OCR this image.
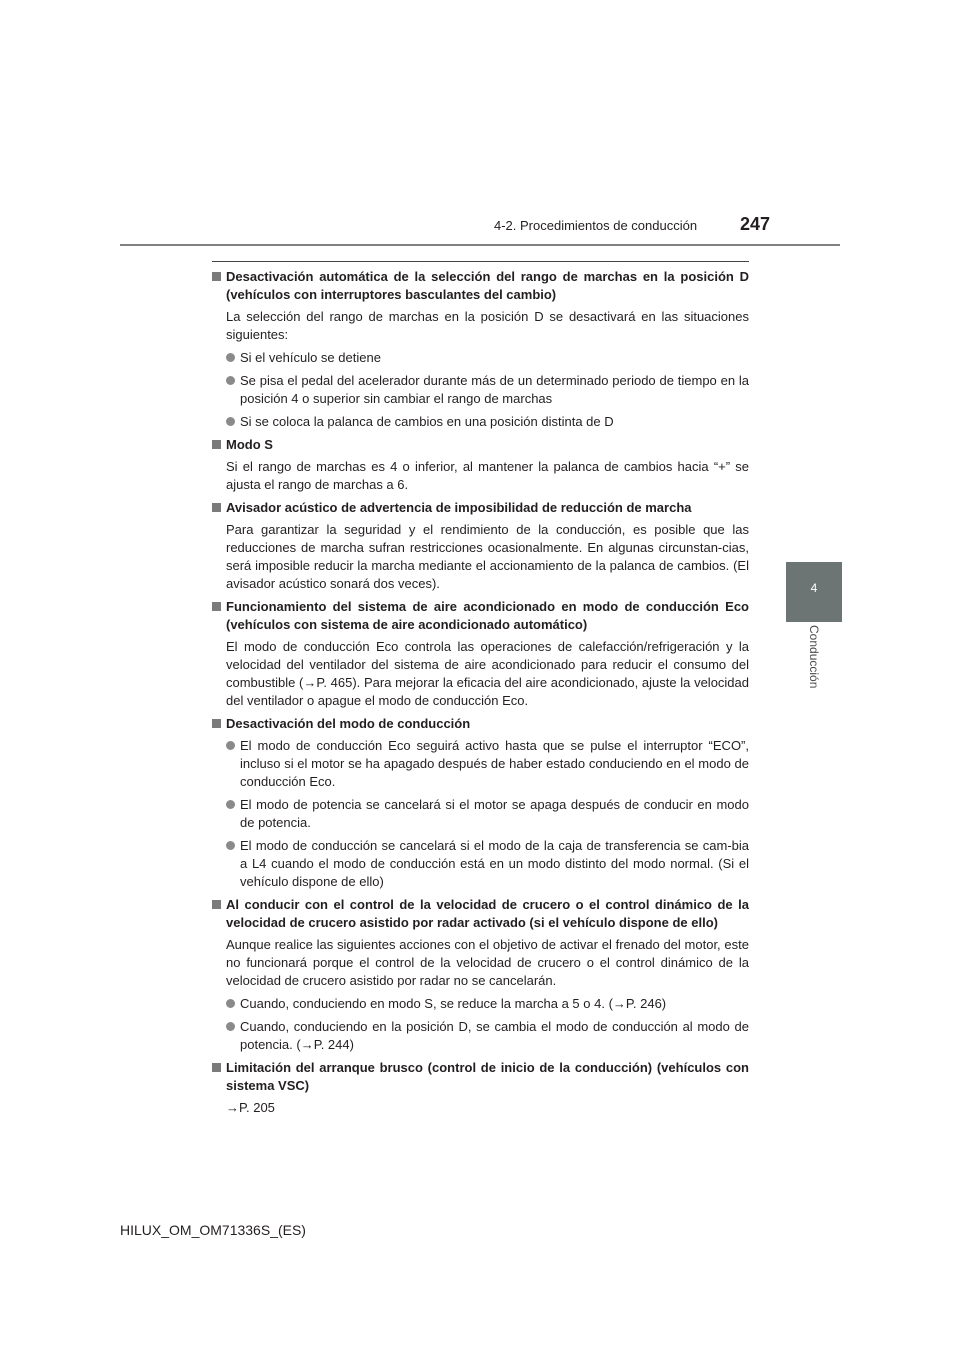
4-2. Procedimientos de conducción 247
4
Conducción
Desactivación automática de la selección del rango de marchas en la posición D (vehículos con interruptores basculantes del cambio)
La selección del rango de marchas en la posición D se desactivará en las situaciones siguientes:
Si el vehículo se detiene
Se pisa el pedal del acelerador durante más de un determinado periodo de tiempo en la posición 4 o superior sin cambiar el rango de marchas
Si se coloca la palanca de cambios en una posición distinta de D
Modo S
Si el rango de marchas es 4 o inferior, al mantener la palanca de cambios hacia “+” se ajusta el rango de marchas a 6.
Avisador acústico de advertencia de imposibilidad de reducción de marcha
Para garantizar la seguridad y el rendimiento de la conducción, es posible que las reducciones de marcha sufran restricciones ocasionalmente. En algunas circunstan-cias, será imposible reducir la marcha mediante el accionamiento de la palanca de cambios. (El avisador acústico sonará dos veces).
Funcionamiento del sistema de aire acondicionado en modo de conducción Eco (vehículos con sistema de aire acondicionado automático)
El modo de conducción Eco controla las operaciones de calefacción/refrigeración y la velocidad del ventilador del sistema de aire acondicionado para reducir el consumo del combustible (→P. 465). Para mejorar la eficacia del aire acondicionado, ajuste la velocidad del ventilador o apague el modo de conducción Eco.
Desactivación del modo de conducción
El modo de conducción Eco seguirá activo hasta que se pulse el interruptor “ECO”, incluso si el motor se ha apagado después de haber estado conduciendo en el modo de conducción Eco.
El modo de potencia se cancelará si el motor se apaga después de conducir en modo de potencia.
El modo de conducción se cancelará si el modo de la caja de transferencia se cam-bia a L4 cuando el modo de conducción está en un modo distinto del modo normal. (Si el vehículo dispone de ello)
Al conducir con el control de la velocidad de crucero o el control dinámico de la velocidad de crucero asistido por radar activado (si el vehículo dispone de ello)
Aunque realice las siguientes acciones con el objetivo de activar el frenado del motor, este no funcionará porque el control de la velocidad de crucero o el control dinámico de la velocidad de crucero asistido por radar no se cancelarán.
Cuando, conduciendo en modo S, se reduce la marcha a 5 o 4. (→P. 246)
Cuando, conduciendo en la posición D, se cambia el modo de conducción al modo de potencia. (→P. 244)
Limitación del arranque brusco (control de inicio de la conducción) (vehículos con sistema VSC)
→P. 205
HILUX_OM_OM71336S_(ES)
